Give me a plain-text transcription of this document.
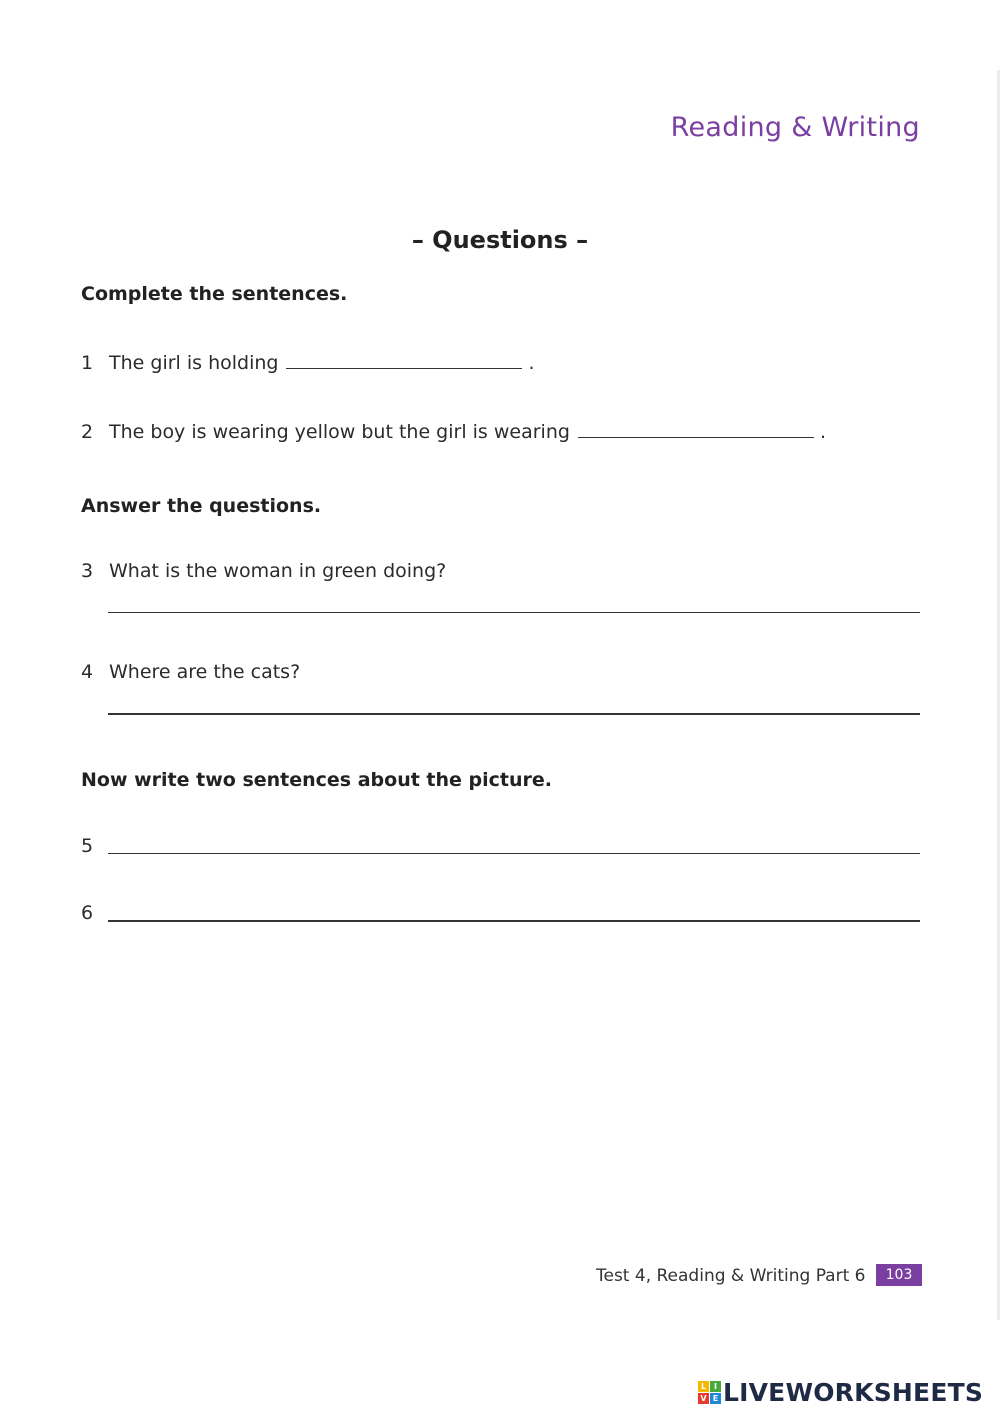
Reading & Writing
– Questions –
Complete the sentences.
1 The girl is holding	.
2 The boy is wearing yellow but the girl is wearing	.
Answer the questions.
3 What is the woman in green doing?
4 Where are the cats?
Now write two sentences about the picture.
5
6
Test 4, Reading & Writing Part 6	103
L I
V E LIVEWORKSHEETS
